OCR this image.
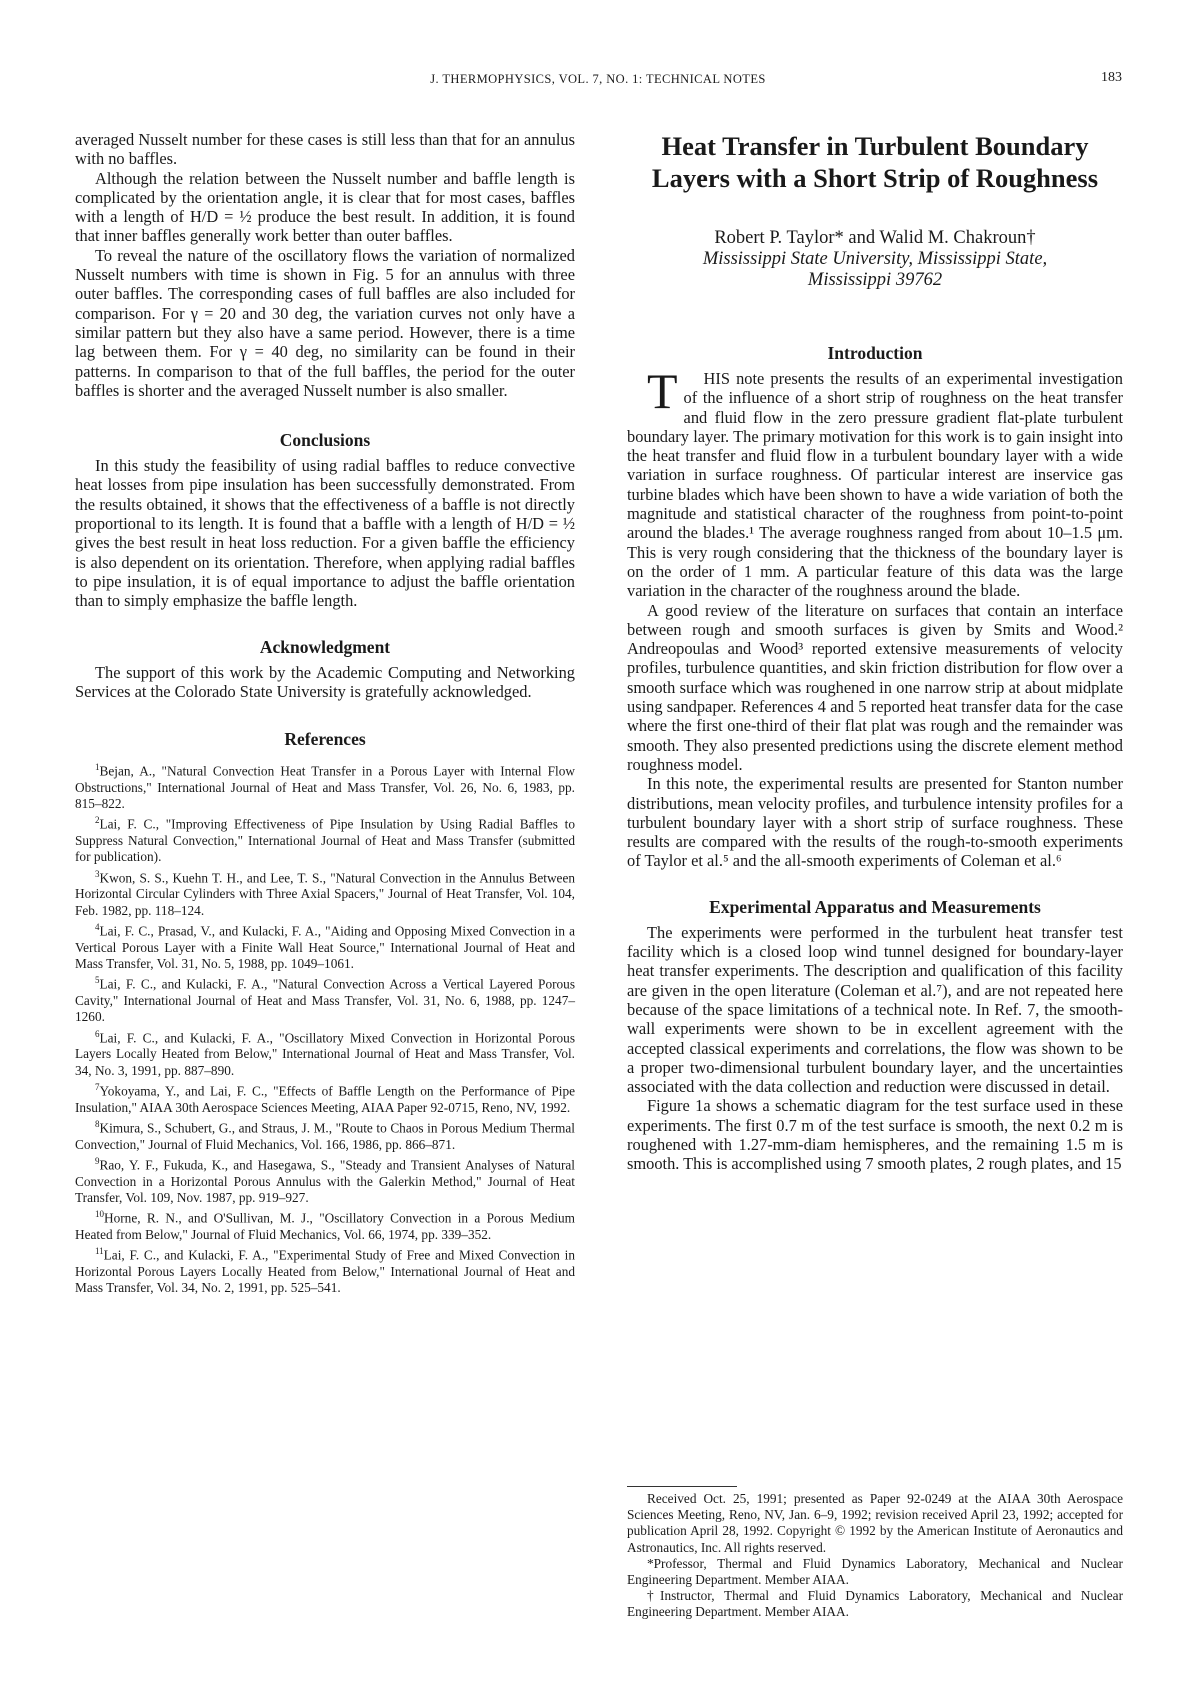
J. THERMOPHYSICS, VOL. 7, NO. 1: TECHNICAL NOTES	183

averaged Nusselt number for these cases is still less than that for an annulus with no baffles.

Although the relation between the Nusselt number and baffle length is complicated by the orientation angle, it is clear that for most cases, baffles with a length of H/D = ½ produce the best result. In addition, it is found that inner baffles generally work better than outer baffles.

To reveal the nature of the oscillatory flows the variation of normalized Nusselt numbers with time is shown in Fig. 5 for an annulus with three outer baffles. The corresponding cases of full baffles are also included for comparison. For γ = 20 and 30 deg, the variation curves not only have a similar pattern but they also have a same period. However, there is a time lag between them. For γ = 40 deg, no similarity can be found in their patterns. In comparison to that of the full baffles, the period for the outer baffles is shorter and the averaged Nusselt number is also smaller.

Conclusions

In this study the feasibility of using radial baffles to reduce convective heat losses from pipe insulation has been successfully demonstrated. From the results obtained, it shows that the effectiveness of a baffle is not directly proportional to its length. It is found that a baffle with a length of H/D = ½ gives the best result in heat loss reduction. For a given baffle the efficiency is also dependent on its orientation. Therefore, when applying radial baffles to pipe insulation, it is of equal importance to adjust the baffle orientation than to simply emphasize the baffle length.

Acknowledgment

The support of this work by the Academic Computing and Networking Services at the Colorado State University is gratefully acknowledged.

References

$^1$Bejan, A., "Natural Convection Heat Transfer in a Porous Layer with Internal Flow Obstructions," International Journal of Heat and Mass Transfer, Vol. 26, No. 6, 1983, pp. 815–822.

$^2$Lai, F. C., "Improving Effectiveness of Pipe Insulation by Using Radial Baffles to Suppress Natural Convection," International Journal of Heat and Mass Transfer (submitted for publication).

$^3$Kwon, S. S., Kuehn T. H., and Lee, T. S., "Natural Convection in the Annulus Between Horizontal Circular Cylinders with Three Axial Spacers," Journal of Heat Transfer, Vol. 104, Feb. 1982, pp. 118–124.

$^4$Lai, F. C., Prasad, V., and Kulacki, F. A., "Aiding and Opposing Mixed Convection in a Vertical Porous Layer with a Finite Wall Heat Source," International Journal of Heat and Mass Transfer, Vol. 31, No. 5, 1988, pp. 1049–1061.

$^5$Lai, F. C., and Kulacki, F. A., "Natural Convection Across a Vertical Layered Porous Cavity," International Journal of Heat and Mass Transfer, Vol. 31, No. 6, 1988, pp. 1247–1260.

$^6$Lai, F. C., and Kulacki, F. A., "Oscillatory Mixed Convection in Horizontal Porous Layers Locally Heated from Below," International Journal of Heat and Mass Transfer, Vol. 34, No. 3, 1991, pp. 887–890.

$^7$Yokoyama, Y., and Lai, F. C., "Effects of Baffle Length on the Performance of Pipe Insulation," AIAA 30th Aerospace Sciences Meeting, AIAA Paper 92-0715, Reno, NV, 1992.

$^8$Kimura, S., Schubert, G., and Straus, J. M., "Route to Chaos in Porous Medium Thermal Convection," Journal of Fluid Mechanics, Vol. 166, 1986, pp. 866–871.

$^9$Rao, Y. F., Fukuda, K., and Hasegawa, S., "Steady and Transient Analyses of Natural Convection in a Horizontal Porous Annulus with the Galerkin Method," Journal of Heat Transfer, Vol. 109, Nov. 1987, pp. 919–927.

$^{10}$Horne, R. N., and O'Sullivan, M. J., "Oscillatory Convection in a Porous Medium Heated from Below," Journal of Fluid Mechanics, Vol. 66, 1974, pp. 339–352.

$^{11}$Lai, F. C., and Kulacki, F. A., "Experimental Study of Free and Mixed Convection in Horizontal Porous Layers Locally Heated from Below," International Journal of Heat and Mass Transfer, Vol. 34, No. 2, 1991, pp. 525–541.

Heat Transfer in Turbulent Boundary Layers with a Short Strip of Roughness
Robert P. Taylor* and Walid M. Chakroun†
Mississippi State University, Mississippi State,
Mississippi 39762
Introduction

T HIS note presents the results of an experimental investigation of the influence of a short strip of roughness on the heat transfer and fluid flow in the zero pressure gradient flat-plate turbulent boundary layer. The primary motivation for this work is to gain insight into the heat transfer and fluid flow in a turbulent boundary layer with a wide variation in surface roughness. Of particular interest are inservice gas turbine blades which have been shown to have a wide variation of both the magnitude and statistical character of the roughness from point-to-point around the blades.¹ The average roughness ranged from about 10–1.5 μm. This is very rough considering that the thickness of the boundary layer is on the order of 1 mm. A particular feature of this data was the large variation in the character of the roughness around the blade.

A good review of the literature on surfaces that contain an interface between rough and smooth surfaces is given by Smits and Wood.² Andreopoulas and Wood³ reported extensive measurements of velocity profiles, turbulence quantities, and skin friction distribution for flow over a smooth surface which was roughened in one narrow strip at about midplate using sandpaper. References 4 and 5 reported heat transfer data for the case where the first one-third of their flat plat was rough and the remainder was smooth. They also presented predictions using the discrete element method roughness model.

In this note, the experimental results are presented for Stanton number distributions, mean velocity profiles, and turbulence intensity profiles for a turbulent boundary layer with a short strip of surface roughness. These results are compared with the results of the rough-to-smooth experiments of Taylor et al.⁵ and the all-smooth experiments of Coleman et al.⁶

Experimental Apparatus and Measurements

The experiments were performed in the turbulent heat transfer test facility which is a closed loop wind tunnel designed for boundary-layer heat transfer experiments. The description and qualification of this facility are given in the open literature (Coleman et al.⁷), and are not repeated here because of the space limitations of a technical note. In Ref. 7, the smooth-wall experiments were shown to be in excellent agreement with the accepted classical experiments and correlations, the flow was shown to be a proper two-dimensional turbulent boundary layer, and the uncertainties associated with the data collection and reduction were discussed in detail.

Figure 1a shows a schematic diagram for the test surface used in these experiments. The first 0.7 m of the test surface is smooth, the next 0.2 m is roughened with 1.27-mm-diam hemispheres, and the remaining 1.5 m is smooth. This is accomplished using 7 smooth plates, 2 rough plates, and 15

Received Oct. 25, 1991; presented as Paper 92-0249 at the AIAA 30th Aerospace Sciences Meeting, Reno, NV, Jan. 6–9, 1992; revision received April 23, 1992; accepted for publication April 28, 1992. Copyright © 1992 by the American Institute of Aeronautics and Astronautics, Inc. All rights reserved.

*Professor, Thermal and Fluid Dynamics Laboratory, Mechanical and Nuclear Engineering Department. Member AIAA.

†Instructor, Thermal and Fluid Dynamics Laboratory, Mechanical and Nuclear Engineering Department. Member AIAA.
